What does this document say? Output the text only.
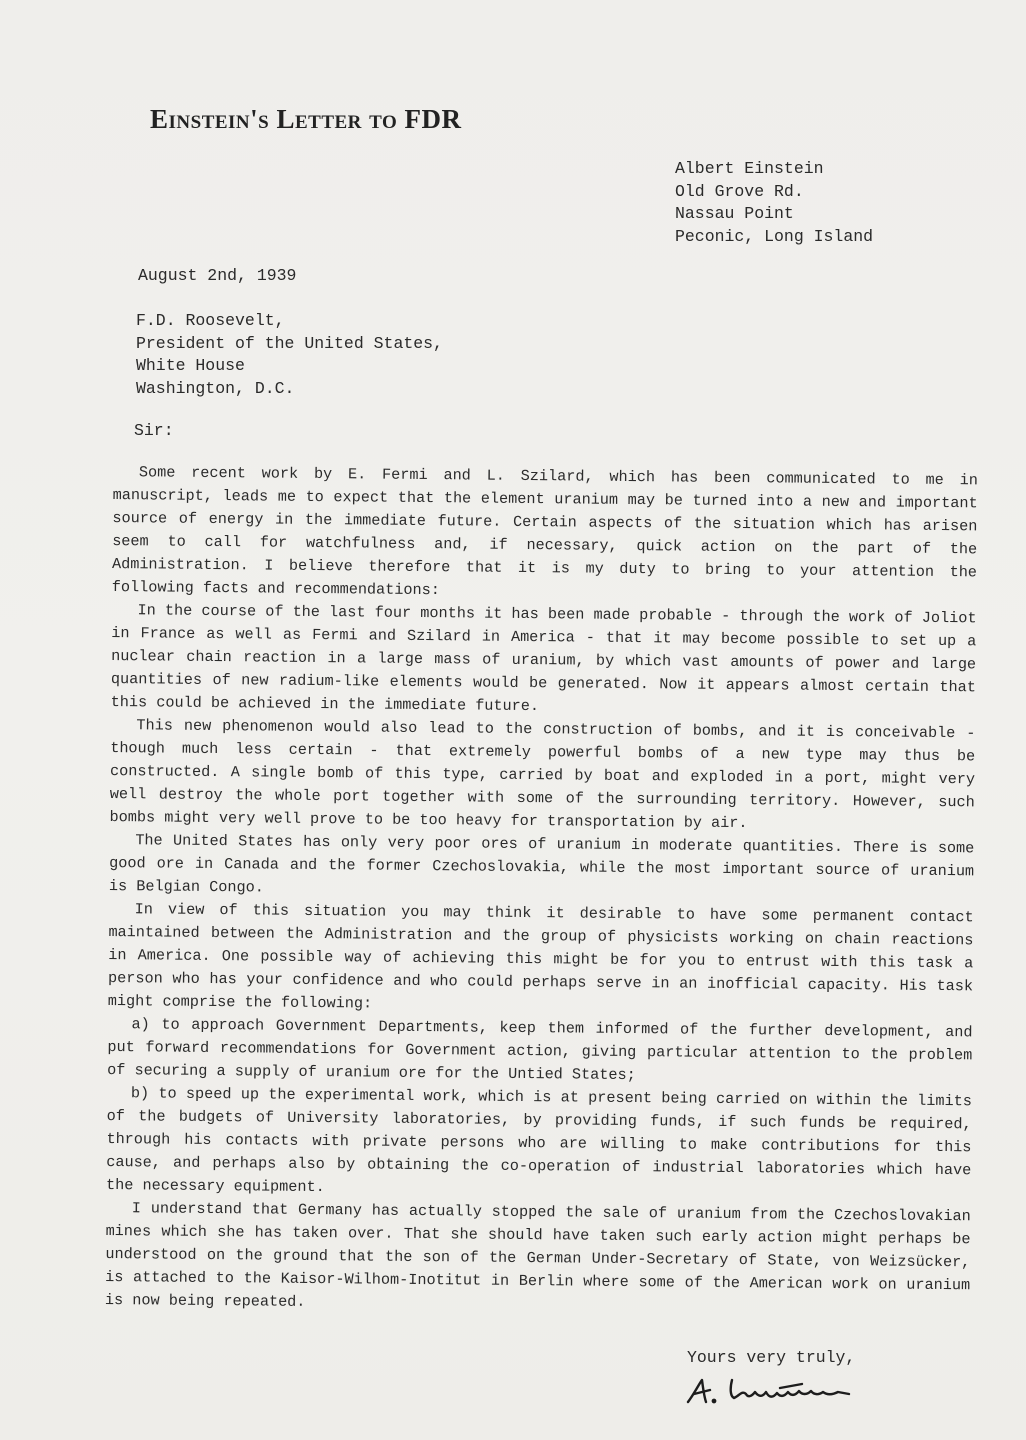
Einstein's Letter to FDR
Albert Einstein
Old Grove Rd.
Nassau Point
Peconic, Long Island
August 2nd, 1939
F.D. Roosevelt,
President of the United States,
White House
Washington, D.C.
Sir:

Some recent work by E. Fermi and L. Szilard, which has been communicated to me in manuscript, leads me to expect that the element uranium may be turned into a new and important source of energy in the immediate future. Certain aspects of the situation which has arisen seem to call for watchfulness and, if necessary, quick action on the part of the Administration. I believe therefore that it is my duty to bring to your attention the following facts and recommendations:

In the course of the last four months it has been made probable - through the work of Joliot in France as well as Fermi and Szilard in America - that it may become possible to set up a nuclear chain reaction in a large mass of uranium, by which vast amounts of power and large quantities of new radium-like elements would be generated. Now it appears almost certain that this could be achieved in the immediate future.

This new phenomenon would also lead to the construction of bombs, and it is conceivable - though much less certain - that extremely powerful bombs of a new type may thus be constructed. A single bomb of this type, carried by boat and exploded in a port, might very well destroy the whole port together with some of the surrounding territory. However, such bombs might very well prove to be too heavy for transportation by air.

The United States has only very poor ores of uranium in moderate quantities. There is some good ore in Canada and the former Czechoslovakia, while the most important source of uranium is Belgian Congo.

In view of this situation you may think it desirable to have some permanent contact maintained between the Administration and the group of physicists working on chain reactions in America. One possible way of achieving this might be for you to entrust with this task a person who has your confidence and who could perhaps serve in an inofficial capacity. His task might comprise the following:

a) to approach Government Departments, keep them informed of the further development, and put forward recommendations for Government action, giving particular attention to the problem of securing a supply of uranium ore for the Untied States;

b) to speed up the experimental work, which is at present being carried on within the limits of the budgets of University laboratories, by providing funds, if such funds be required, through his contacts with private persons who are willing to make contributions for this cause, and perhaps also by obtaining the co-operation of industrial laboratories which have the necessary equipment.

I understand that Germany has actually stopped the sale of uranium from the Czechoslovakian mines which she has taken over. That she should have taken such early action might perhaps be understood on the ground that the son of the German Under-Secretary of State, von Weizsücker, is attached to the Kaisor-Wilhom-Inotitut in Berlin where some of the American work on uranium is now being repeated.

Yours very truly,
